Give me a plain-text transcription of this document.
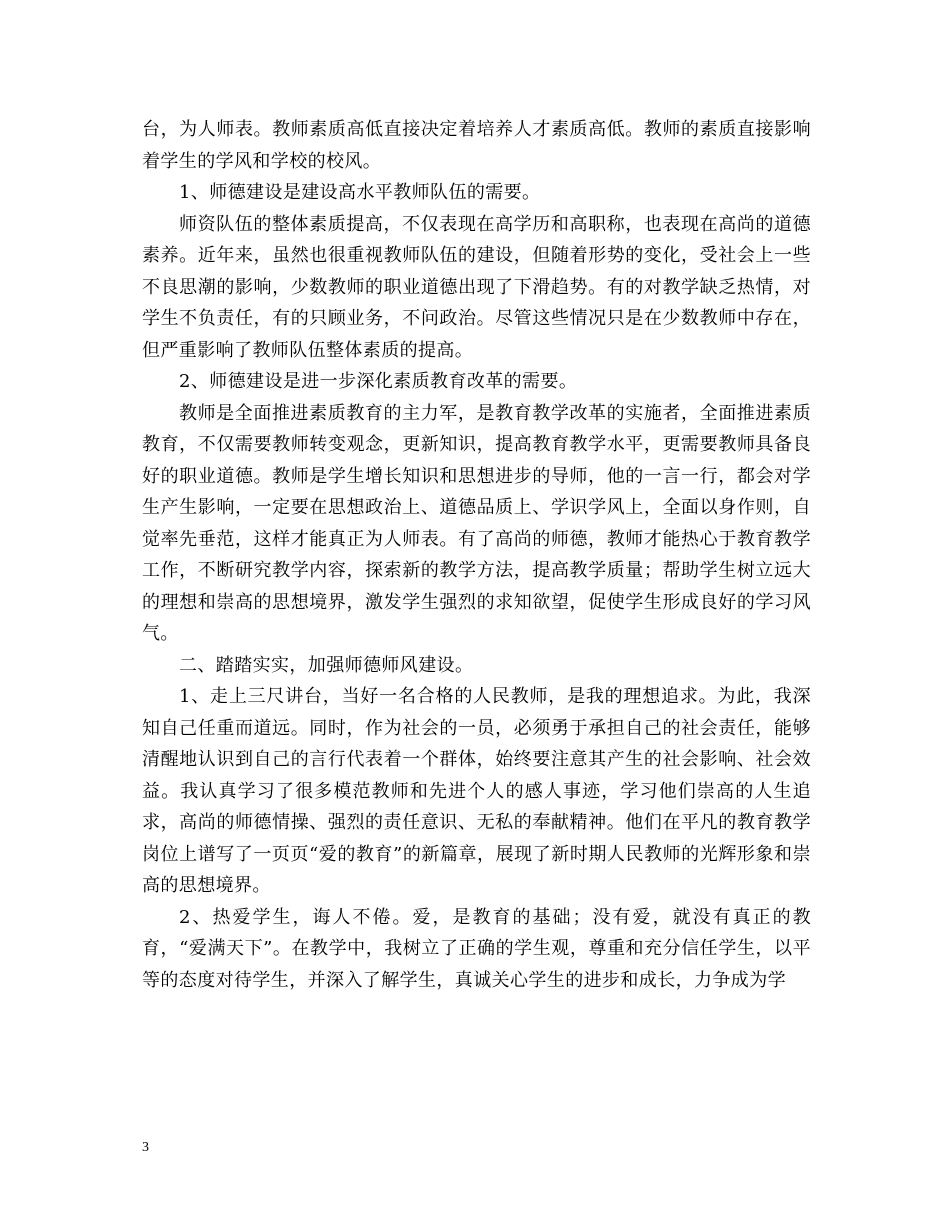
台，为人师表。教师素质高低直接决定着培养人才素质高低。教师的素质直接影响着学生的学风和学校的校风。

1、师德建设是建设高水平教师队伍的需要。

师资队伍的整体素质提高，不仅表现在高学历和高职称，也表现在高尚的道德素养。近年来，虽然也很重视教师队伍的建设，但随着形势的变化，受社会上一些不良思潮的影响，少数教师的职业道德出现了下滑趋势。有的对教学缺乏热情，对学生不负责任，有的只顾业务，不问政治。尽管这些情况只是在少数教师中存在，但严重影响了教师队伍整体素质的提高。

2、师德建设是进一步深化素质教育改革的需要。

教师是全面推进素质教育的主力军，是教育教学改革的实施者，全面推进素质教育，不仅需要教师转变观念，更新知识，提高教育教学水平，更需要教师具备良好的职业道德。教师是学生增长知识和思想进步的导师，他的一言一行，都会对学生产生影响，一定要在思想政治上、道德品质上、学识学风上，全面以身作则，自觉率先垂范，这样才能真正为人师表。有了高尚的师德，教师才能热心于教育教学工作，不断研究教学内容，探索新的教学方法，提高教学质量；帮助学生树立远大的理想和崇高的思想境界，激发学生强烈的求知欲望，促使学生形成良好的学习风气。

二、踏踏实实，加强师德师风建设。

1、走上三尺讲台，当好一名合格的人民教师，是我的理想追求。为此，我深知自己任重而道远。同时，作为社会的一员，必须勇于承担自己的社会责任，能够清醒地认识到自己的言行代表着一个群体，始终要注意其产生的社会影响、社会效益。我认真学习了很多模范教师和先进个人的感人事迹，学习他们崇高的人生追求，高尚的师德情操、强烈的责任意识、无私的奉献精神。他们在平凡的教育教学岗位上谱写了一页页“爱的教育”的新篇章，展现了新时期人民教师的光辉形象和崇高的思想境界。

2、热爱学生，诲人不倦。爱，是教育的基础；没有爱，就没有真正的教育，“爱满天下”。在教学中，我树立了正确的学生观，尊重和充分信任学生，以平等的态度对待学生，并深入了解学生，真诚关心学生的进步和成长，力争成为学

3
